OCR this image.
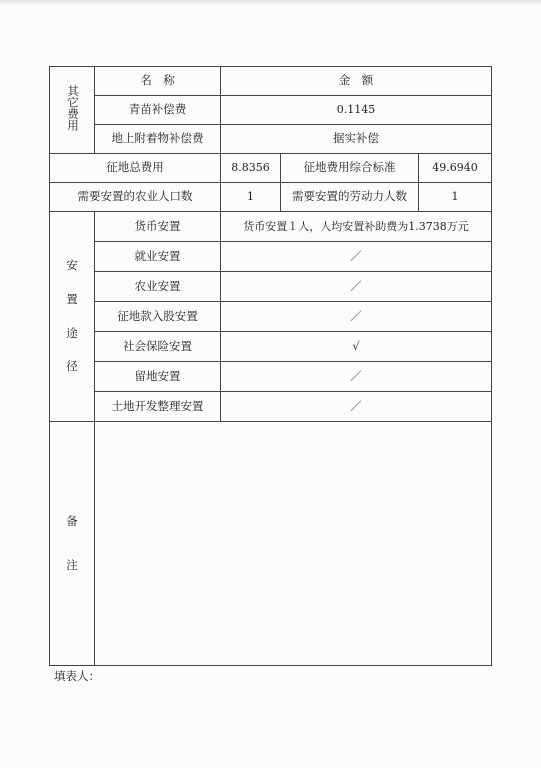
其它费用	名　称	金　额		
	青苗补偿费	0.1145		
	地上附着物补偿费	据实补偿		
征地总费用		8.8356	征地费用综合标准	49.6940
需要安置的农业人口数		1	需要安置的劳动力人数	1

安
置
途
径	货币安置	货币安置１人，人均安置补助费为1.3738万元		
	就业安置	／		
	农业安置	／		
	征地款入股安置	／		
	社会保险安置	√		
	留地安置	／		
	土地开发整理安置	／		

备
注				

填表人：
